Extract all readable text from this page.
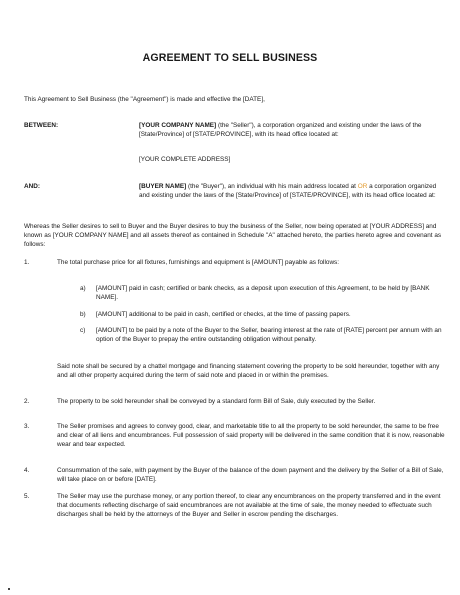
AGREEMENT TO SELL BUSINESS
This Agreement to Sell Business (the "Agreement") is made and effective the [DATE],
BETWEEN:	[YOUR COMPANY NAME] (the "Seller"), a corporation organized and existing under the laws of the [State/Province] of [STATE/PROVINCE], with its head office located at:
[YOUR COMPLETE ADDRESS]
AND:	[BUYER NAME] (the "Buyer"), an individual with his main address located at OR a corporation organized and existing under the laws of the [State/Province] of [STATE/PROVINCE], with its head office located at:
Whereas the Seller desires to sell to Buyer and the Buyer desires to buy the business of the Seller, now being operated at [YOUR ADDRESS] and known as [YOUR COMPANY NAME] and all assets thereof as contained in Schedule "A" attached hereto, the parties hereto agree and covenant as follows:
1.	The total purchase price for all fixtures, furnishings and equipment is [AMOUNT] payable as follows:
a) [AMOUNT] paid in cash; certified or bank checks, as a deposit upon execution of this Agreement, to be held by [BANK NAME].
b) [AMOUNT] additional to be paid in cash, certified or checks, at the time of passing papers.
c) [AMOUNT] to be paid by a note of the Buyer to the Seller, bearing interest at the rate of [RATE] percent per annum with an option of the Buyer to prepay the entire outstanding obligation without penalty.
Said note shall be secured by a chattel mortgage and financing statement covering the property to be sold hereunder, together with any and all other property acquired during the term of said note and placed in or within the premises.
2.	The property to be sold hereunder shall be conveyed by a standard form Bill of Sale, duly executed by the Seller.
3.	The Seller promises and agrees to convey good, clear, and marketable title to all the property to be sold hereunder, the same to be free and clear of all liens and encumbrances. Full possession of said property will be delivered in the same condition that it is now, reasonable wear and tear expected.
4.	Consummation of the sale, with payment by the Buyer of the balance of the down payment and the delivery by the Seller of a Bill of Sale, will take place on or before [DATE].
5.	The Seller may use the purchase money, or any portion thereof, to clear any encumbrances on the property transferred and in the event that documents reflecting discharge of said encumbrances are not available at the time of sale, the money needed to effectuate such discharges shall be held by the attorneys of the Buyer and Seller in escrow pending the discharges.
